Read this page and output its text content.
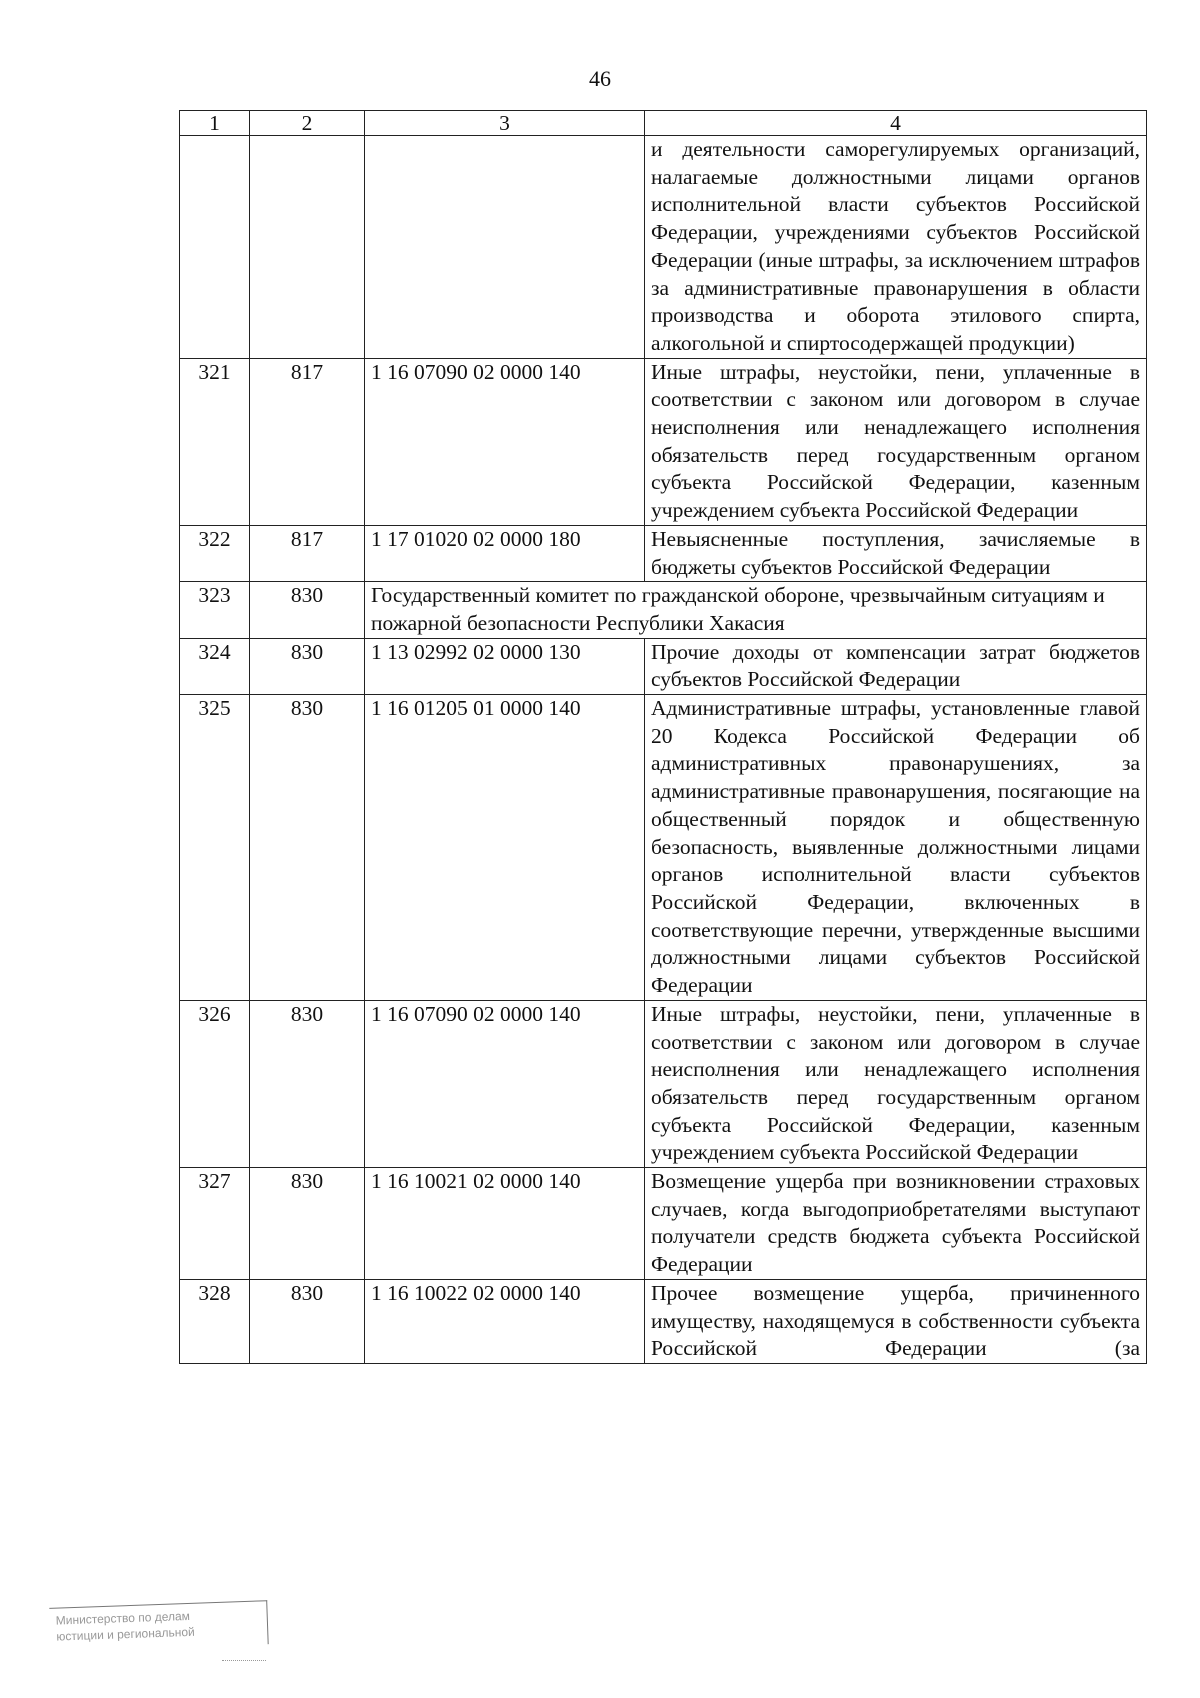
46
1	2	3	4
			и деятельности саморегулируемых организаций, налагаемые должностными лицами органов исполнительной власти субъектов Российской Федерации, учреждениями субъектов Российской Федерации (иные штрафы, за исключением штрафов за административные правонарушения в области производства и оборота этилового спирта, алкогольной и спиртосодержащей продукции)
321	817	1 16 07090 02 0000 140	Иные штрафы, неустойки, пени, уплаченные в соответствии с законом или договором в случае неисполнения или ненадлежащего исполнения обязательств перед государственным органом субъекта Российской Федерации, казенным учреждением субъекта Российской Федерации
322	817	1 17 01020 02 0000 180	Невыясненные поступления, зачисляемые в бюджеты субъектов Российской Федерации
323	830	Государственный комитет по гражданской обороне, чрезвычайным ситуациям и пожарной безопасности Республики Хакасия	
324	830	1 13 02992 02 0000 130	Прочие доходы от компенсации затрат бюджетов субъектов Российской Федерации
325	830	1 16 01205 01 0000 140	Административные штрафы, установленные главой 20 Кодекса Российской Федерации об административных правонарушениях, за административные правонарушения, посягающие на общественный порядок и общественную безопасность, выявленные должностными лицами органов исполнительной власти субъектов Российской Федерации, включенных в соответствующие перечни, утвержденные высшими должностными лицами субъектов Российской Федерации
326	830	1 16 07090 02 0000 140	Иные штрафы, неустойки, пени, уплаченные в соответствии с законом или договором в случае неисполнения или ненадлежащего исполнения обязательств перед государственным органом субъекта Российской Федерации, казенным учреждением субъекта Российской Федерации
327	830	1 16 10021 02 0000 140	Возмещение ущерба при возникновении страховых случаев, когда выгодоприобретателями выступают получатели средств бюджета субъекта Российской Федерации
328	830	1 16 10022 02 0000 140	Прочее возмещение ущерба, причиненного имуществу, находящемуся в собственности субъекта Российской Федерации (за
Министерство по делам
юстиции и региональной
